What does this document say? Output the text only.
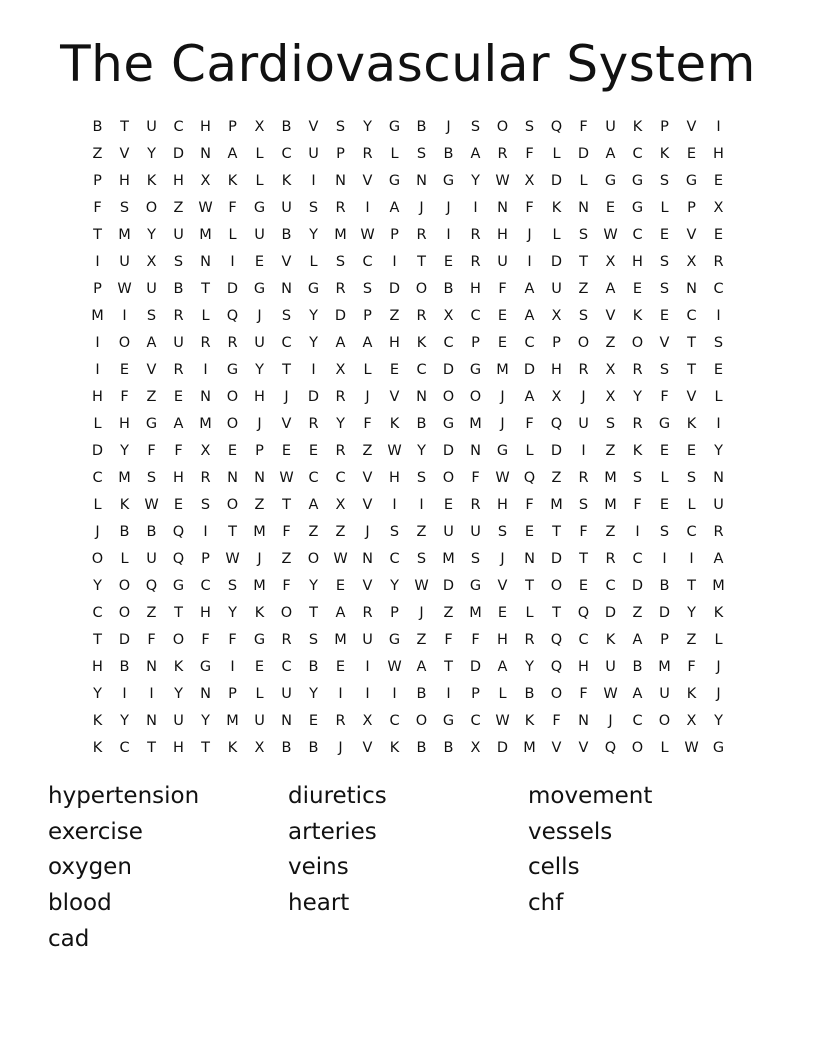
The Cardiovascular System
B	T	U	C	H	P	X	B	V	S	Y	G	B	J	S	O	S	Q	F	U	K	P	V	I
Z	V	Y	D	N	A	L	C	U	P	R	L	S	B	A	R	F	L	D	A	C	K	E	H
P	H	K	H	X	K	L	K	I	N	V	G	N	G	Y	W	X	D	L	G	G	S	G	E
F	S	O	Z	W	F	G	U	S	R	I	A	J	J	I	N	F	K	N	E	G	L	P	X
T	M	Y	U	M	L	U	B	Y	M W	P	R	I	R	H	J	L	S	W	C	E	V	E
I	U	X	S	N	I	E	V	L	S	C	I	T	E	R	U	I	D	T	X	H	S	X	R
P	W	U	B	T	D	G	N	G	R	S	D	O	B	H	F	A	U	Z	A	E	S	N	C
M	I	S	R	L	Q	J	S	Y	D	P	Z	R	X	C	E	A	X	S	V	K	E	C	I
I	O	A	U	R	R	U	C	Y	A	A	H	K	C	P	E	C	P	O	Z	O	V	T	S
I	E	V	R	I	G	Y	T	I	X	L	E	C	D	G	M	D	H	R	X	R	S	T	E
H	F	Z	E	N	O	H	J	D	R	J	V	N	O	O	J	A	X	J	X	Y	F	V	L
L	H	G	A	M	O	J	V	R	Y	F	K	B	G	M	J	F	Q	U	S	R	G	K	I
D	Y	F	F	X	E	P	E	E	R	Z	W	Y	D	N	G	L	D	I	Z	K	E	E	Y
C	M	S	H	R	N	N W	C	C	V	H	S	O	F	W Q	Z	R	M	S	L	S	N
L	K	W	E	S	O	Z	T	A	X	V	I	I	E	R	H	F	M	S	M	F	E	L	U
J	B	B	Q	I	T	M	F	Z	Z	J	S	Z	U	U	S	E	T	F	Z	I	S	C	R
O	L	U	Q	P	W	J	Z	O W N	C	S	M	S	J	N	D	T	R	C	I	I	A
Y	O	Q	G	C	S	M	F	Y	E	V	Y	W D	G	V	T	O	E	C	D	B	T	M
C	O	Z	T	H	Y	K	O	T	A	R	P	J	Z	M	E	L	T	Q	D	Z	D	Y	K
T	D	F	O	F	F	G	R	S	M	U	G	Z	F	F	H	R	Q	C	K	A	P	Z	L
H	B	N	K	G	I	E	C	B	E	I	W	A	T	D	A	Y	Q	H	U	B	M	F	J
Y	I	I	Y	N	P	L	U	Y	I	I	I	B	I	P	L	B	O	F	W	A	U	K	J
K	Y	N	U	Y	M	U	N	E	R	X	C	O	G	C	W	K	F	N	J	C	O	X	Y
K	C	T	H	T	K	X	B	B	J	V	K	B	B	X	D	M	V	V	Q	O	L	W G
hypertension
exercise
oxygen
blood
cad
diuretics
arteries
veins
heart
movement
vessels
cells
chf
